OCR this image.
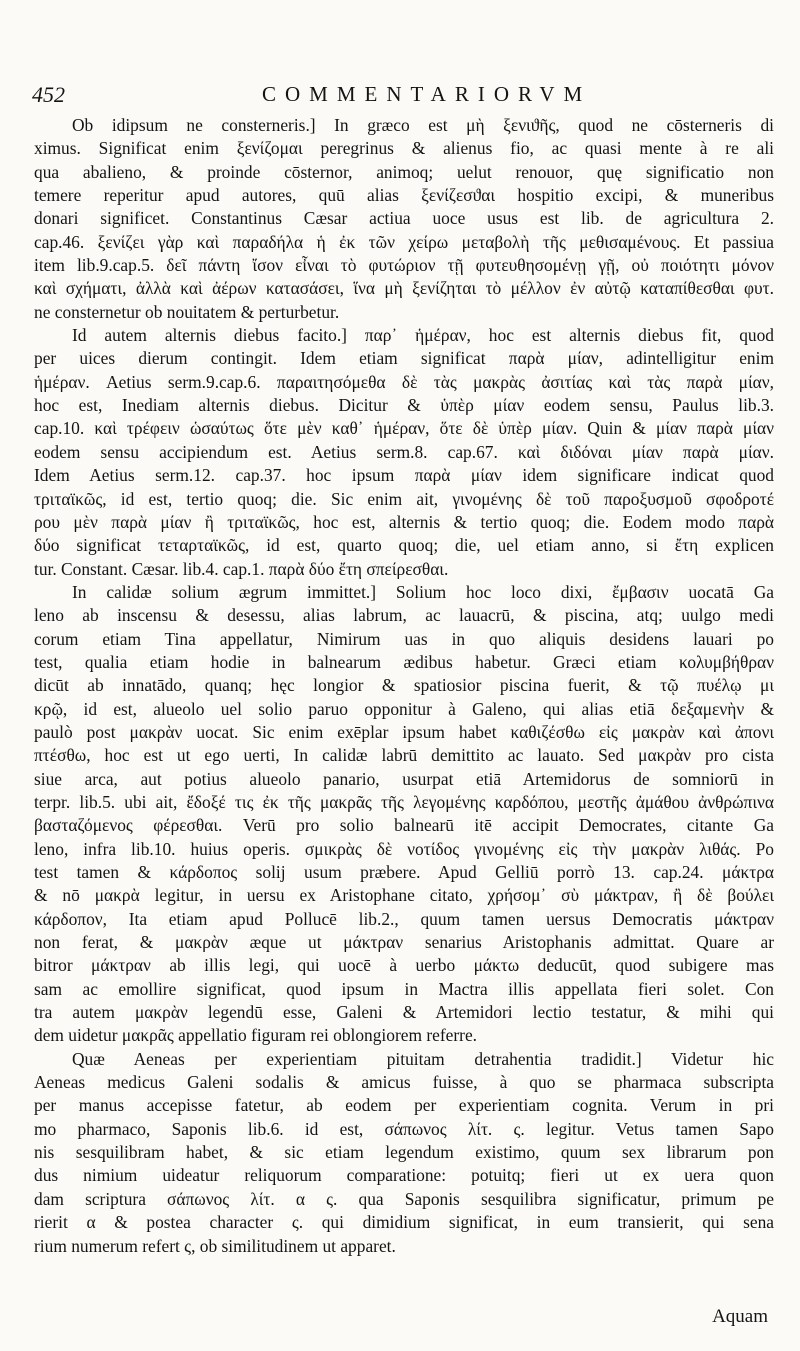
452	COMMENTARIORVM
Ob idipsum ne consterneris.] In græco est μὴ ξενιϑῆς, quod ne cōsterneris di
ximus. Significat enim ξενίζομαι peregrinus & alienus fio, ac quasi mente à re ali
qua abalieno, & proinde cōsternor, animoq; uelut renouor, quę significatio non
temere reperitur apud autores, quū alias ξενίζεσϑαι hospitio excipi, & muneribus
donari significet. Constantinus Cæsar actiua uoce usus est lib. de agricultura 2.
cap.46. ξενίζει γὰρ καὶ παραδήλα ἡ ἐκ τῶν χείρω μεταβολὴ τῆς μεθισαμένους. Et passiua
item lib.9.cap.5. δεῖ πάντη ἴσον εἶναι τὸ φυτώριον τῇ φυτευθησομένῃ γῇ, οὐ ποιότητι μόνον
καὶ σχήματι, ἀλλὰ καὶ ἀέρων κατασάσει, ἵνα μὴ ξενίζηται τὸ μέλλον ἐν αὐτῷ καταπίθεσθαι φυτ.
ne consternetur ob nouitatem & perturbetur.
Id autem alternis diebus facito.] παρ᾽ ἡμέραν, hoc est alternis diebus fit, quod
per uices dierum contingit. Idem etiam significat παρὰ μίαν, adintelligitur enim
ἡμέραν. Aetius serm.9.cap.6. παραιτησόμεθα δὲ τὰς μακρὰς ἀσιτίας καὶ τὰς παρὰ μίαν,
hoc est, Inediam alternis diebus. Dicitur & ὑπὲρ μίαν eodem sensu, Paulus lib.3.
cap.10. καὶ τρέφειν ὡσαύτως ὅτε μὲν καθ᾽ ἡμέραν, ὅτε δὲ ὑπὲρ μίαν. Quin & μίαν παρὰ μίαν
eodem sensu accipiendum est. Aetius serm.8. cap.67. καὶ διδόναι μίαν παρὰ μίαν.
Idem Aetius serm.12. cap.37. hoc ipsum παρὰ μίαν idem significare indicat quod
τριταϊκῶς, id est, tertio quoq; die. Sic enim ait, γινομένης δὲ τοῦ παροξυσμοῦ σφοδροτέ
ρου μὲν παρὰ μίαν ἢ τριταϊκῶς, hoc est, alternis & tertio quoq; die. Eodem modo παρὰ
δύο significat τεταρταϊκῶς, id est, quarto quoq; die, uel etiam anno, si ἔτη explicen
tur. Constant. Cæsar. lib.4. cap.1. παρὰ δύο ἔτη σπείρεσθαι.
In calidæ solium ægrum immittet.] Solium hoc loco dixi, ἔμβασιν uocatā Ga
leno ab inscensu & desessu, alias labrum, ac lauacrū, & piscina, atq; uulgo medi
corum etiam Tina appellatur, Nimirum uas in quo aliquis desidens lauari po
test, qualia etiam hodie in balnearum ædibus habetur. Græci etiam κολυμβήθραν
dicūt ab innatādo, quanq; hęc longior & spatiosior piscina fuerit, & τῷ πυέλῳ μι
κρῷ, id est, alueolo uel solio paruo opponitur à Galeno, qui alias etiā δεξαμενὴν &
paulò post μακρὰν uocat. Sic enim exēplar ipsum habet καθιζέσθω εἰς μακρὰν καὶ ἀπονι
πτέσθω, hoc est ut ego uerti, In calidæ labrū demittito ac lauato. Sed μακρὰν pro cista
siue arca, aut potius alueolo panario, usurpat etiā Artemidorus de somniorū in
terpr. lib.5. ubi ait, ἔδοξέ τις ἐκ τῆς μακρᾶς τῆς λεγομένης καρδόπου, μεστῆς ἀμάθου ἀνθρώπινα
βασταζόμενος φέρεσθαι. Verū pro solio balnearū itē accipit Democrates, citante Ga
leno, infra lib.10. huius operis. σμικρὰς δὲ νοτίδος γινομένης εἰς τὴν μακρὰν λιθάς. Po
test tamen & κάρδοπος solij usum præbere. Apud Gelliū porrò 13. cap.24. μάκτρα
& nō μακρὰ legitur, in uersu ex Aristophane citato, χρήσομ᾽ σὺ μάκτραν, ἢ δὲ βούλει
κάρδοπον, Ita etiam apud Pollucē lib.2., quum tamen uersus Democratis μάκτραν
non ferat, & μακρὰν æque ut μάκτραν senarius Aristophanis admittat. Quare ar
bitror μάκτραν ab illis legi, qui uocē à uerbo μάκτω deducūt, quod subigere mas
sam ac emollire significat, quod ipsum in Mactra illis appellata fieri solet. Con
tra autem μακρὰν legendū esse, Galeni & Artemidori lectio testatur, & mihi qui
dem uidetur μακρᾶς appellatio figuram rei oblongiorem referre.
Quæ Aeneas per experientiam pituitam detrahentia tradidit.] Videtur hic
Aeneas medicus Galeni sodalis & amicus fuisse, à quo se pharmaca subscripta
per manus accepisse fatetur, ab eodem per experientiam cognita. Verum in pri
mo pharmaco, Saponis lib.6. id est, σάπωνος λίτ. ς. legitur. Vetus tamen Sapo
nis sesquilibram habet, & sic etiam legendum existimo, quum sex librarum pon
dus nimium uideatur reliquorum comparatione: potuitq; fieri ut ex uera quon
dam scriptura σάπωνος λίτ. α ς. qua Saponis sesquilibra significatur, primum pe
rierit α & postea character ς. qui dimidium significat, in eum transierit, qui sena
rium numerum refert ς, ob similitudinem ut apparet.
Aquam
